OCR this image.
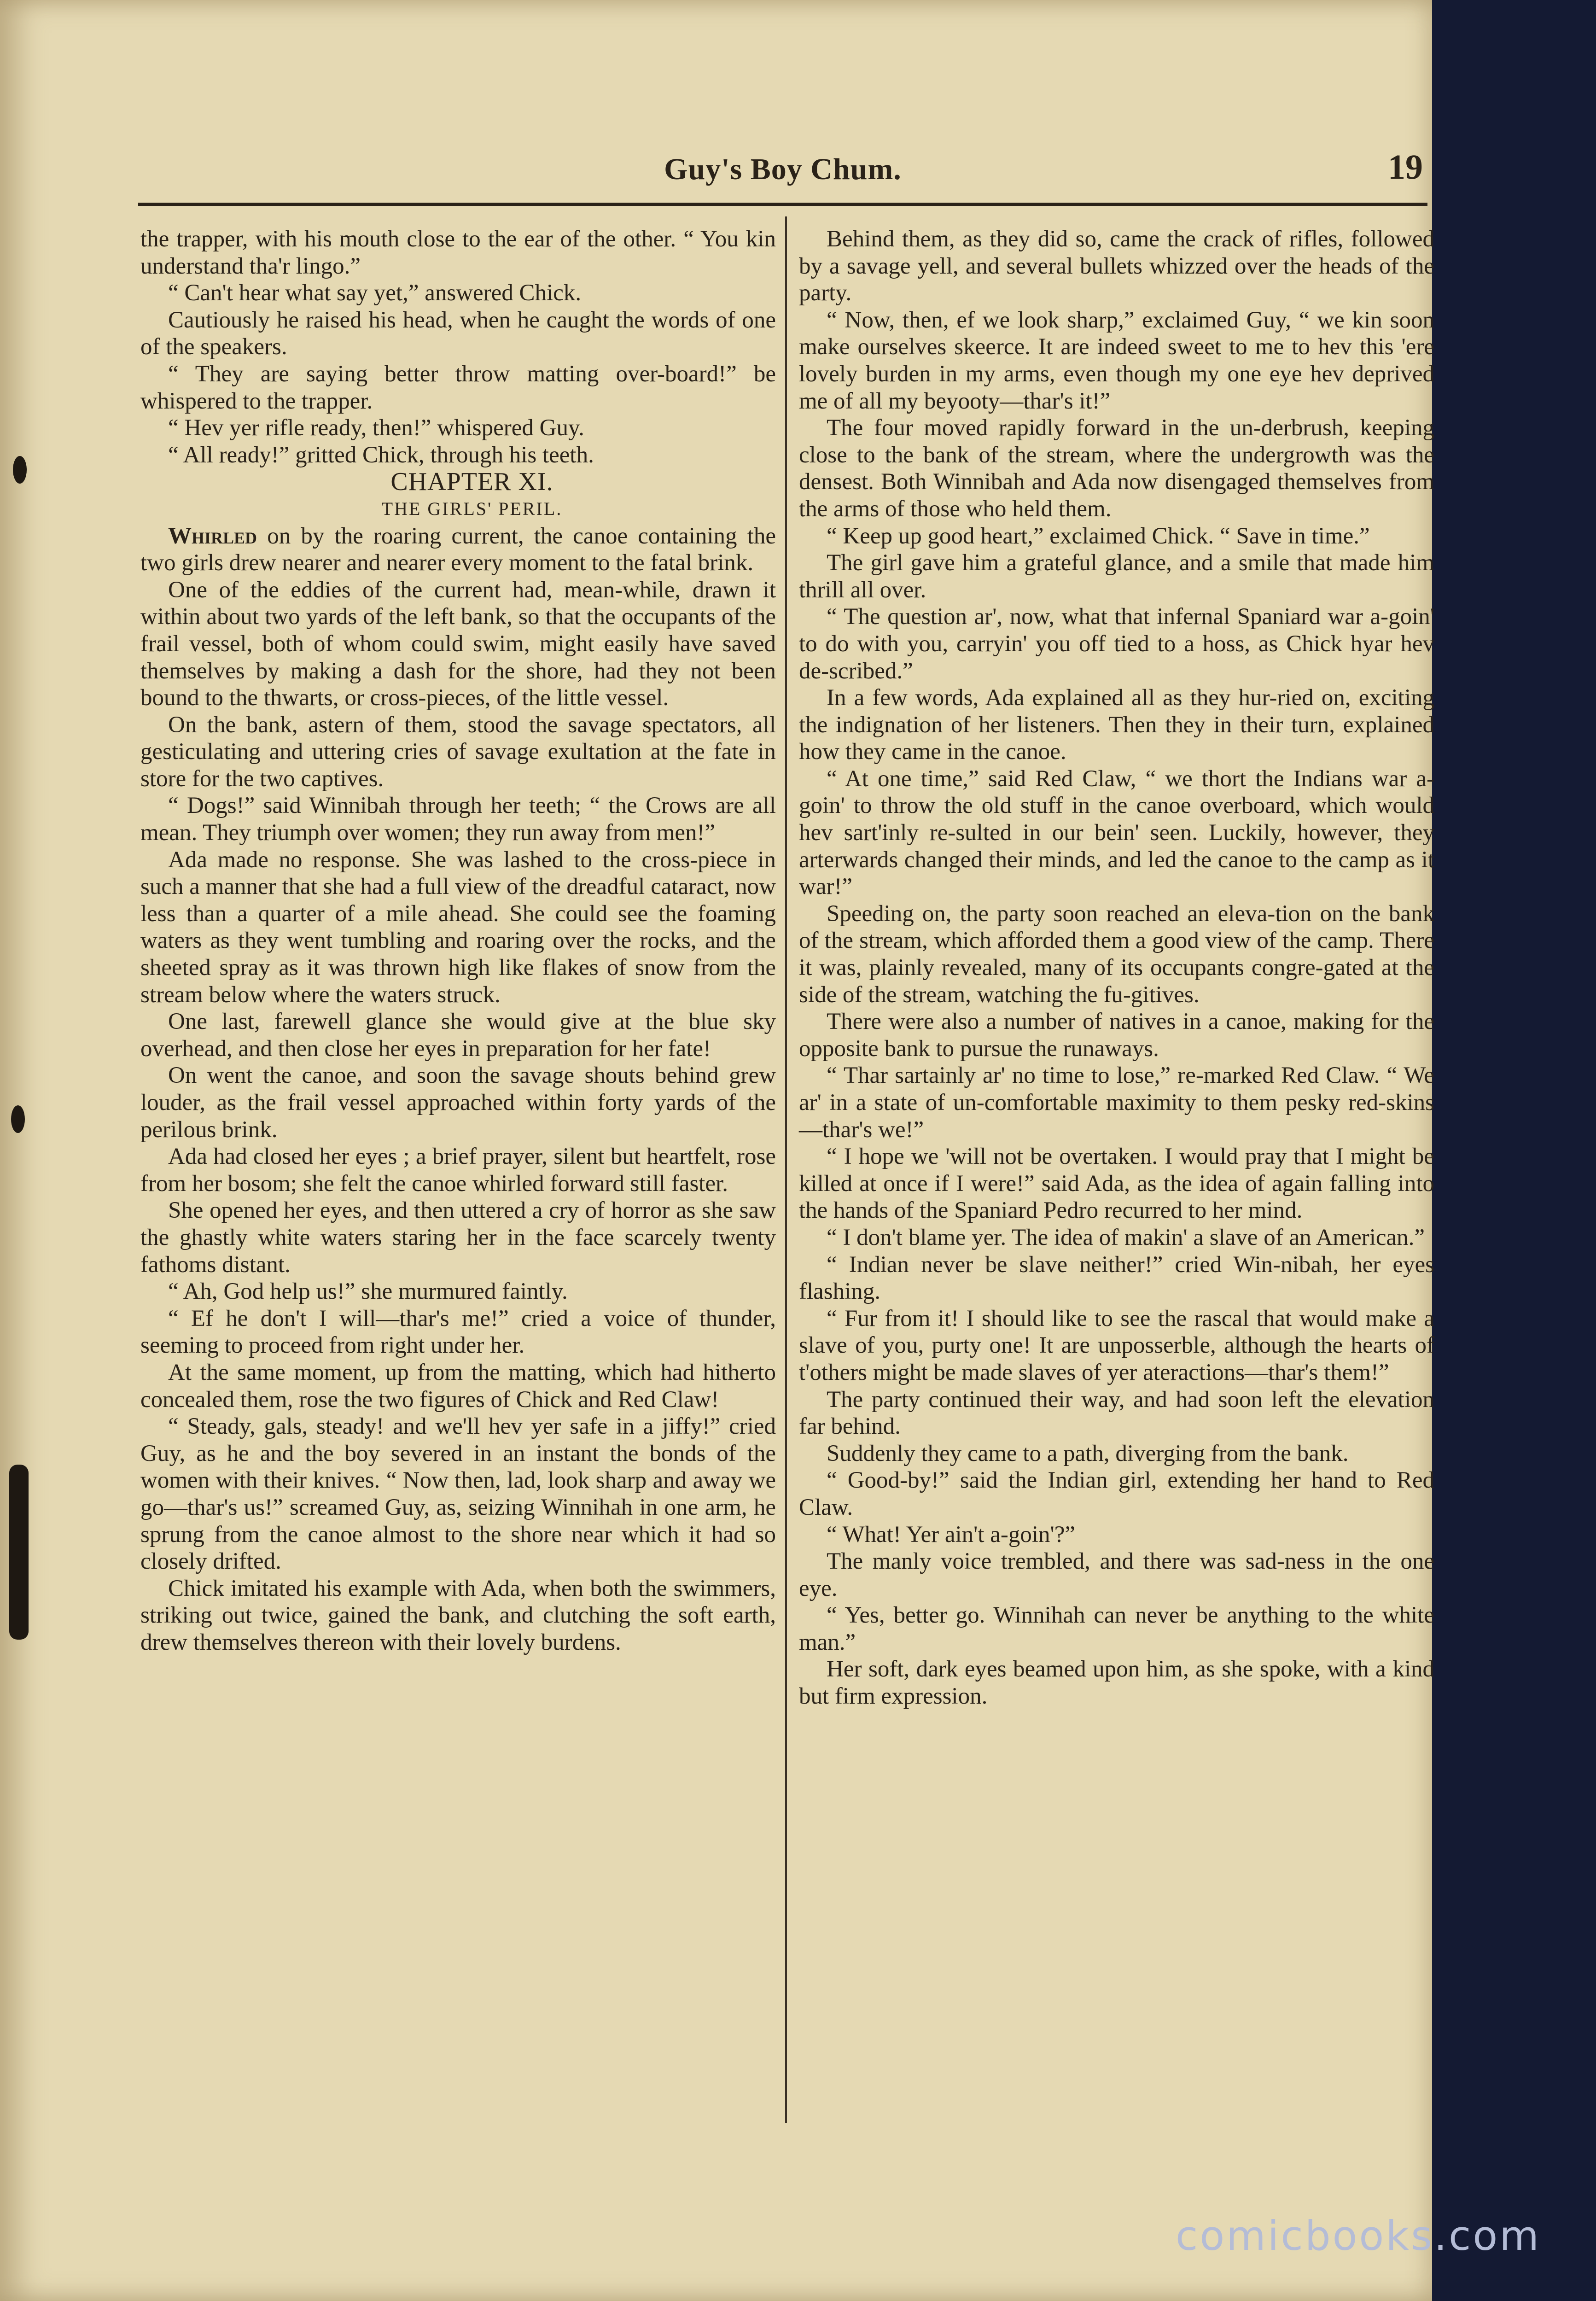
Guy's Boy Chum.	19

the trapper, with his mouth close to the ear of the other. “ You kin understand tha'r lingo.”

“ Can't hear what say yet,” answered Chick.

Cautiously he raised his head, when he caught the words of one of the speakers.

“ They are saying better throw matting over-board!” be whispered to the trapper.

“ Hev yer rifle ready, then!” whispered Guy.

“ All ready!” gritted Chick, through his teeth.

CHAPTER XI.

THE GIRLS' PERIL.

Whirled on by the roaring current, the canoe containing the two girls drew nearer and nearer every moment to the fatal brink.

One of the eddies of the current had, mean-while, drawn it within about two yards of the left bank, so that the occupants of the frail vessel, both of whom could swim, might easily have saved themselves by making a dash for the shore, had they not been bound to the thwarts, or cross-pieces, of the little vessel.

On the bank, astern of them, stood the savage spectators, all gesticulating and uttering cries of savage exultation at the fate in store for the two captives.

“ Dogs!” said Winnibah through her teeth; “ the Crows are all mean. They triumph over women; they run away from men!”

Ada made no response. She was lashed to the cross-piece in such a manner that she had a full view of the dreadful cataract, now less than a quarter of a mile ahead. She could see the foaming waters as they went tumbling and roaring over the rocks, and the sheeted spray as it was thrown high like flakes of snow from the stream below where the waters struck.

One last, farewell glance she would give at the blue sky overhead, and then close her eyes in preparation for her fate!

On went the canoe, and soon the savage shouts behind grew louder, as the frail vessel approached within forty yards of the perilous brink.

Ada had closed her eyes ; a brief prayer, silent but heartfelt, rose from her bosom; she felt the canoe whirled forward still faster.

She opened her eyes, and then uttered a cry of horror as she saw the ghastly white waters staring her in the face scarcely twenty fathoms distant.

“ Ah, God help us!” she murmured faintly.

“ Ef he don't I will—thar's me!” cried a voice of thunder, seeming to proceed from right under her.

At the same moment, up from the matting, which had hitherto concealed them, rose the two figures of Chick and Red Claw!

“ Steady, gals, steady! and we'll hev yer safe in a jiffy!” cried Guy, as he and the boy severed in an instant the bonds of the women with their knives. “ Now then, lad, look sharp and away we go—thar's us!” screamed Guy, as, seizing Winnihah in one arm, he sprung from the canoe almost to the shore near which it had so closely drifted.

Chick imitated his example with Ada, when both the swimmers, striking out twice, gained the bank, and clutching the soft earth, drew themselves thereon with their lovely burdens.

Behind them, as they did so, came the crack of rifles, followed by a savage yell, and several bullets whizzed over the heads of the party.

“ Now, then, ef we look sharp,” exclaimed Guy, “ we kin soon make ourselves skeerce. It are indeed sweet to me to hev this 'ere lovely burden in my arms, even though my one eye hev deprived me of all my beyooty—thar's it!”

The four moved rapidly forward in the un-derbrush, keeping close to the bank of the stream, where the undergrowth was the densest. Both Winnibah and Ada now disengaged themselves from the arms of those who held them.

“ Keep up good heart,” exclaimed Chick. “ Save in time.”

The girl gave him a grateful glance, and a smile that made him thrill all over.

“ The question ar', now, what that infernal Spaniard war a-goin' to do with you, carryin' you off tied to a hoss, as Chick hyar hev de-scribed.”

In a few words, Ada explained all as they hur-ried on, exciting the indignation of her listeners. Then they in their turn, explained how they came in the canoe.

“ At one time,” said Red Claw, “ we thort the Indians war a-goin' to throw the old stuff in the canoe overboard, which would hev sart'inly re-sulted in our bein' seen. Luckily, however, they arterwards changed their minds, and led the canoe to the camp as it war!”

Speeding on, the party soon reached an eleva-tion on the bank of the stream, which afforded them a good view of the camp. There it was, plainly revealed, many of its occupants congre-gated at the side of the stream, watching the fu-gitives.

There were also a number of natives in a canoe, making for the opposite bank to pursue the runaways.

“ Thar sartainly ar' no time to lose,” re-marked Red Claw. “ We ar' in a state of un-comfortable maximity to them pesky red-skins —thar's we!”

“ I hope we 'will not be overtaken. I would pray that I might be killed at once if I were!” said Ada, as the idea of again falling into the hands of the Spaniard Pedro recurred to her mind.

“ I don't blame yer. The idea of makin' a slave of an American.”

“ Indian never be slave neither!” cried Win-nibah, her eyes flashing.

“ Fur from it! I should like to see the rascal that would make a slave of you, purty one! It are unposserble, although the hearts of t'others might be made slaves of yer ateractions—thar's them!”

The party continued their way, and had soon left the elevation far behind.

Suddenly they came to a path, diverging from the bank.

“ Good-by!” said the Indian girl, extending her hand to Red Claw.

“ What! Yer ain't a-goin'?”

The manly voice trembled, and there was sad-ness in the one eye.

“ Yes, better go. Winnihah can never be anything to the white man.”

Her soft, dark eyes beamed upon him, as she spoke, with a kind but firm expression.

comicbooks.com
